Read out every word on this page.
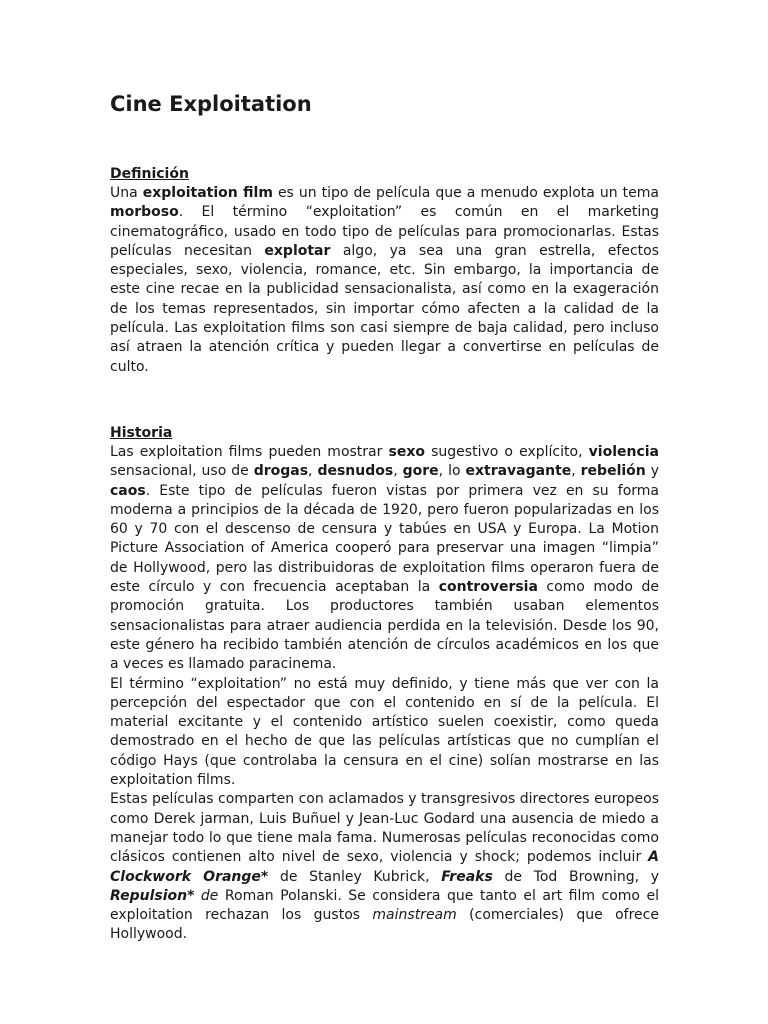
Cine Exploitation
Definición

Una exploitation film es un tipo de película que a menudo explota un tema morboso. El término “exploitation” es común en el marketing cinematográfico, usado en todo tipo de películas para promocionarlas. Estas películas necesitan explotar algo, ya sea una gran estrella, efectos especiales, sexo, violencia, romance, etc. Sin embargo, la importancia de este cine recae en la publicidad sensacionalista, así como en la exageración de los temas representados, sin importar cómo afecten a la calidad de la película. Las exploitation films son casi siempre de baja calidad, pero incluso así atraen la atención crítica y pueden llegar a convertirse en películas de culto.

Historia

Las exploitation films pueden mostrar sexo sugestivo o explícito, violencia sensacional, uso de drogas, desnudos, gore, lo extravagante, rebelión y caos. Este tipo de películas fueron vistas por primera vez en su forma moderna a principios de la década de 1920, pero fueron popularizadas en los 60 y 70 con el descenso de censura y tabúes en USA y Europa. La Motion Picture Association of America cooperó para preservar una imagen “limpia” de Hollywood, pero las distribuidoras de exploitation films operaron fuera de este círculo y con frecuencia aceptaban la controversia como modo de promoción gratuita. Los productores también usaban elementos sensacionalistas para atraer audiencia perdida en la televisión. Desde los 90, este género ha recibido también atención de círculos académicos en los que a veces es llamado paracinema.

El término “exploitation” no está muy definido, y tiene más que ver con la percepción del espectador que con el contenido en sí de la película. El material excitante y el contenido artístico suelen coexistir, como queda demostrado en el hecho de que las películas artísticas que no cumplían el código Hays (que controlaba la censura en el cine) solían mostrarse en las exploitation films.

Estas películas comparten con aclamados y transgresivos directores europeos como Derek jarman, Luis Buñuel y Jean-Luc Godard una ausencia de miedo a manejar todo lo que tiene mala fama. Numerosas películas reconocidas como clásicos contienen alto nivel de sexo, violencia y shock; podemos incluir A Clockwork Orange* de Stanley Kubrick, Freaks de Tod Browning, y Repulsion* de Roman Polanski. Se considera que tanto el art film como el exploitation rechazan los gustos mainstream (comerciales) que ofrece Hollywood.
